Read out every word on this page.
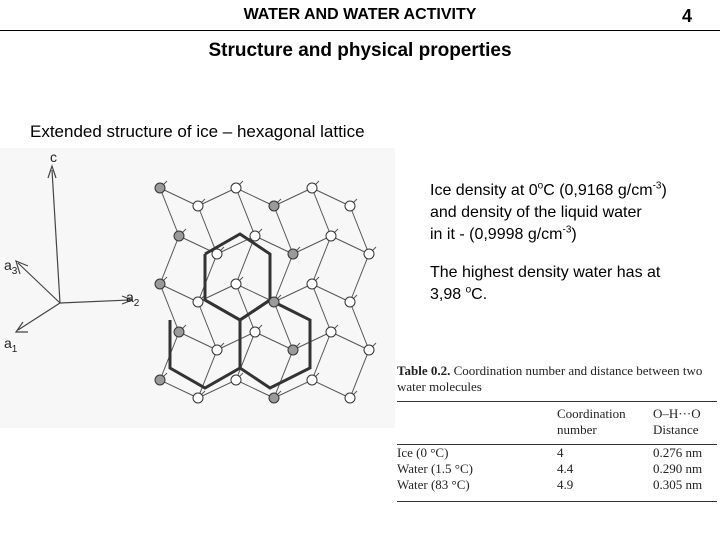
WATER AND WATER ACTIVITY	4
Structure and physical properties
Extended structure of ice – hexagonal lattice
c
$a_3$
$a_2$
$a_1$

Ice density at 0$^o$C (0,9168 $g/cm^{-3}$)
and density of the liquid water
in it - (0,9998 $g/cm^{-3}$)

The highest density water has at
3,98 $^o$C.

Table 0.2. Coordination number and distance between two water molecules
	Coordination number	O–H···O Distance
Ice (0 °C)	4	0.276 nm
Water (1.5 °C)	4.4	0.290 nm
Water (83 °C)	4.9	0.305 nm
